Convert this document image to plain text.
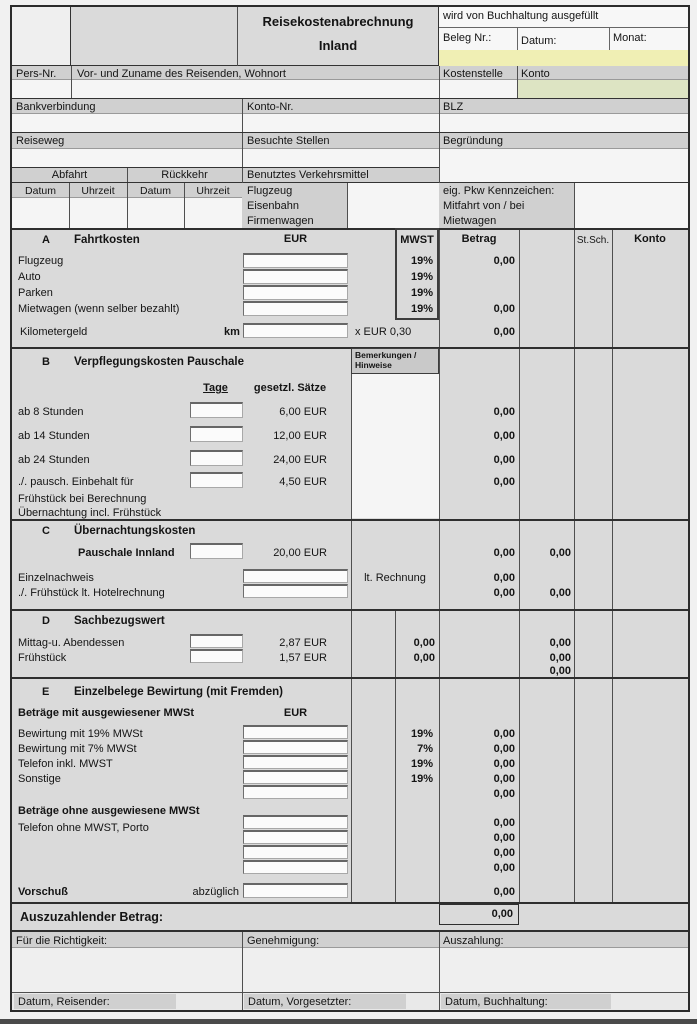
Reisekostenabrechnung
Inland
wird von Buchhaltung ausgefüllt
Beleg Nr.:	Datum:	Monat:
Pers-Nr.	Vor- und Zuname des Reisenden, Wohnort	Kostenstelle	Konto
Bankverbindung	Konto-Nr.	BLZ
Reiseweg	Besuchte Stellen	Begründung
Abfahrt	Rückkehr	Benutztes Verkehrsmittel
Datum	Uhrzeit	Datum	Uhrzeit	Flugzeug
Eisenbahn
Firmenwagen
eig. Pkw Kennzeichen:
Mitfahrt von / bei
Mietwagen
A Fahrtkosten	EUR	MWST	Betrag	St.Sch.	Konto
Flugzeug	19%	0,00
Auto	19%
Parken	19%
Mietwagen (wenn selber bezahlt)	19%	0,00
Kilometergeld	km	x EUR 0,30	0,00
B Verpflegungskosten Pauschale
Bemerkungen /
Hinweise
Tage	gesetzl. Sätze
ab 8 Stunden	6,00 EUR	0,00
ab 14 Stunden	12,00 EUR	0,00
ab 24 Stunden	24,00 EUR	0,00
./. pausch. Einbehalt für	4,50 EUR	0,00
Frühstück bei Berechnung
Übernachtung incl. Frühstück
C Übernachtungskosten
Pauschale Innland	20,00 EUR	0,00	0,00
Einzelnachweis	lt. Rechnung	0,00
./. Frühstück lt. Hotelrechnung	0,00	0,00
D Sachbezugswert
Mittag-u. Abendessen	2,87 EUR	0,00	0,00
Frühstück	1,57 EUR	0,00	0,00
0,00
E Einzelbelege Bewirtung (mit Fremden)
Beträge mit ausgewiesener MWSt	EUR
Bewirtung mit 19% MWSt	19%	0,00
Bewirtung mit 7% MWSt	7%	0,00
Telefon inkl. MWST	19%	0,00
Sonstige	19%	0,00
0,00
Beträge ohne ausgewiesene MWSt
Telefon ohne MWST, Porto	0,00
0,00
0,00
0,00
Vorschuß	abzüglich	0,00
Auszuzahlender Betrag:	0,00
Für die Richtigkeit:	Genehmigung:	Auszahlung:
Datum, Reisender:	Datum, Vorgesetzter:	Datum, Buchhaltung:
